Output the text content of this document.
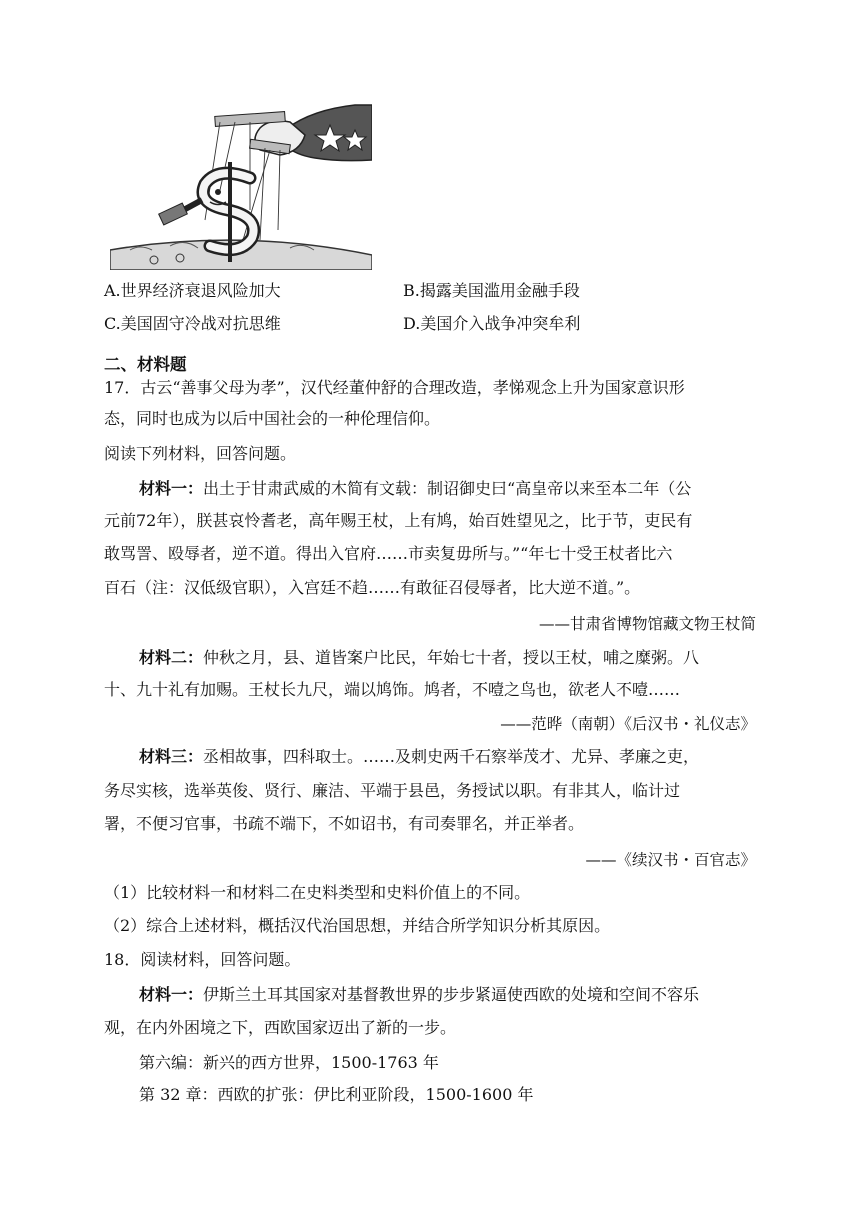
A.世界经济衰退风险加大	B.揭露美国滥用金融手段
C.美国固守冷战对抗思维	D.美国介入战争冲突牟利
二、材料题
17．古云“善事父母为孝”，汉代经董仲舒的合理改造，孝悌观念上升为国家意识形
态，同时也成为以后中国社会的一种伦理信仰。
阅读下列材料，回答问题。
材料一：出土于甘肃武威的木简有文载：制诏御史曰“高皇帝以来至本二年（公
元前72年），朕甚哀怜耆老，高年赐王杖，上有鸠，始百姓望见之，比于节，吏民有
敢骂詈、殴辱者，逆不道。得出入官府……市卖复毋所与。”“年七十受王杖者比六
百石（注：汉低级官职），入宫廷不趋……有敢征召侵辱者，比大逆不道。”。
——甘肃省博物馆藏文物王杖简
材料二：仲秋之月，县、道皆案户比民，年始七十者，授以王杖，哺之糜粥。八
十、九十礼有加赐。王杖长九尺，端以鸠饰。鸠者，不噎之鸟也，欲老人不噎……
——范晔（南朝）《后汉书・礼仪志》
材料三：丞相故事，四科取士。……及刺史两千石察举茂才、尤异、孝廉之吏，
务尽实核，选举英俊、贤行、廉洁、平端于县邑，务授试以职。有非其人，临计过
署，不便习官事，书疏不端下，不如诏书，有司奏罪名，并正举者。
——《续汉书・百官志》
（1）比较材料一和材料二在史料类型和史料价值上的不同。
（2）综合上述材料，概括汉代治国思想，并结合所学知识分析其原因。
18．阅读材料，回答问题。
材料一：伊斯兰土耳其国家对基督教世界的步步紧逼使西欧的处境和空间不容乐
观，在内外困境之下，西欧国家迈出了新的一步。
第六编：新兴的西方世界，1500-1763 年
第 32 章：西欧的扩张：伊比利亚阶段，1500-1600 年
